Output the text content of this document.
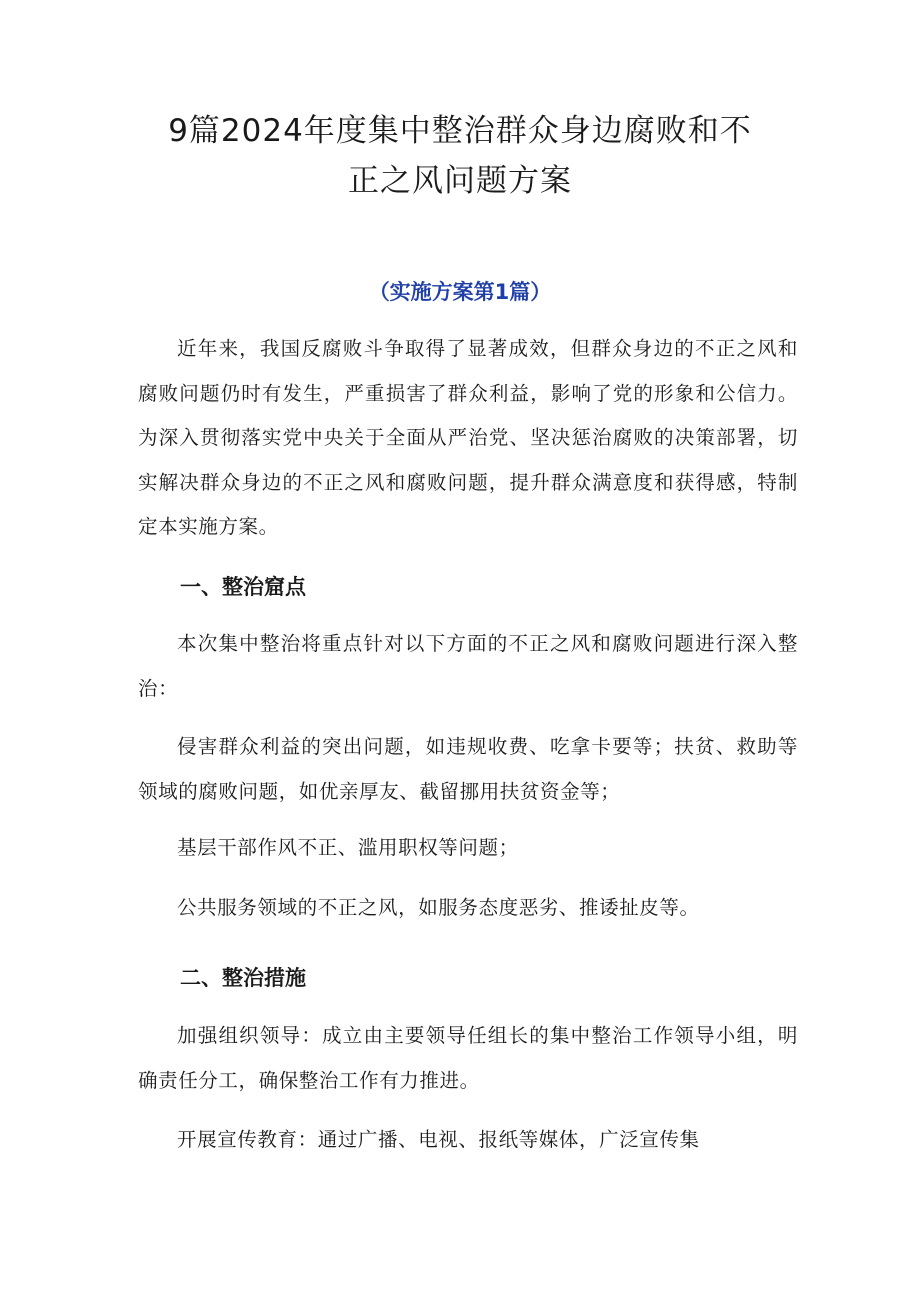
9篇2024年度集中整治群众身边腐败和不
正之风问题方案
（实施方案第1篇）

近年来，我国反腐败斗争取得了显著成效，但群众身边的不正之风和腐败问题仍时有发生，严重损害了群众利益，影响了党的形象和公信力。为深入贯彻落实党中央关于全面从严治党、坚决惩治腐败的决策部署，切实解决群众身边的不正之风和腐败问题，提升群众满意度和获得感，特制定本实施方案。

一、整治窟点

本次集中整治将重点针对以下方面的不正之风和腐败问题进行深入整治：

侵害群众利益的突出问题，如违规收费、吃拿卡要等；扶贫、救助等领域的腐败问题，如优亲厚友、截留挪用扶贫资金等；

基层干部作风不正、滥用职权等问题；

公共服务领域的不正之风，如服务态度恶劣、推诿扯皮等。

二、整治措施

加强组织领导：成立由主要领导任组长的集中整治工作领导小组，明确责任分工，确保整治工作有力推进。

开展宣传教育：通过广播、电视、报纸等媒体，广泛宣传集
